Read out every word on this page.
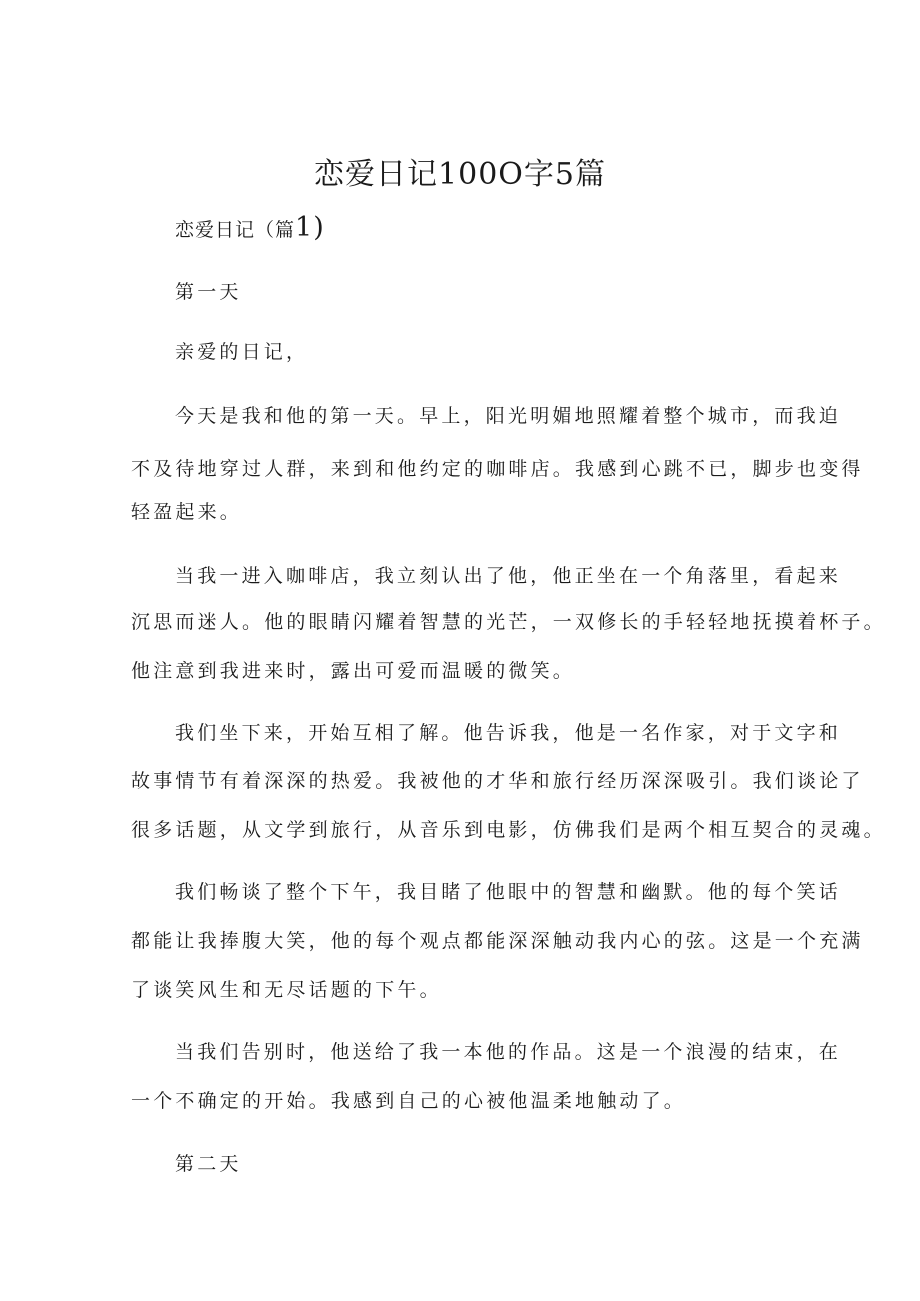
恋爱日记100O字5篇
恋爱日记（篇1)
第一天
亲爱的日记，
今天是我和他的第一天。早上，阳光明媚地照耀着整个城市，而我迫
不及待地穿过人群，来到和他约定的咖啡店。我感到心跳不已，脚步也变得
轻盈起来。
当我一进入咖啡店，我立刻认出了他，他正坐在一个角落里，看起来
沉思而迷人。他的眼睛闪耀着智慧的光芒，一双修长的手轻轻地抚摸着杯子。
他注意到我进来时，露出可爱而温暖的微笑。
我们坐下来，开始互相了解。他告诉我，他是一名作家，对于文字和
故事情节有着深深的热爱。我被他的才华和旅行经历深深吸引。我们谈论了
很多话题，从文学到旅行，从音乐到电影，仿佛我们是两个相互契合的灵魂。
我们畅谈了整个下午，我目睹了他眼中的智慧和幽默。他的每个笑话
都能让我捧腹大笑，他的每个观点都能深深触动我内心的弦。这是一个充满
了谈笑风生和无尽话题的下午。
当我们告别时，他送给了我一本他的作品。这是一个浪漫的结束，在
一个不确定的开始。我感到自己的心被他温柔地触动了。
第二天
